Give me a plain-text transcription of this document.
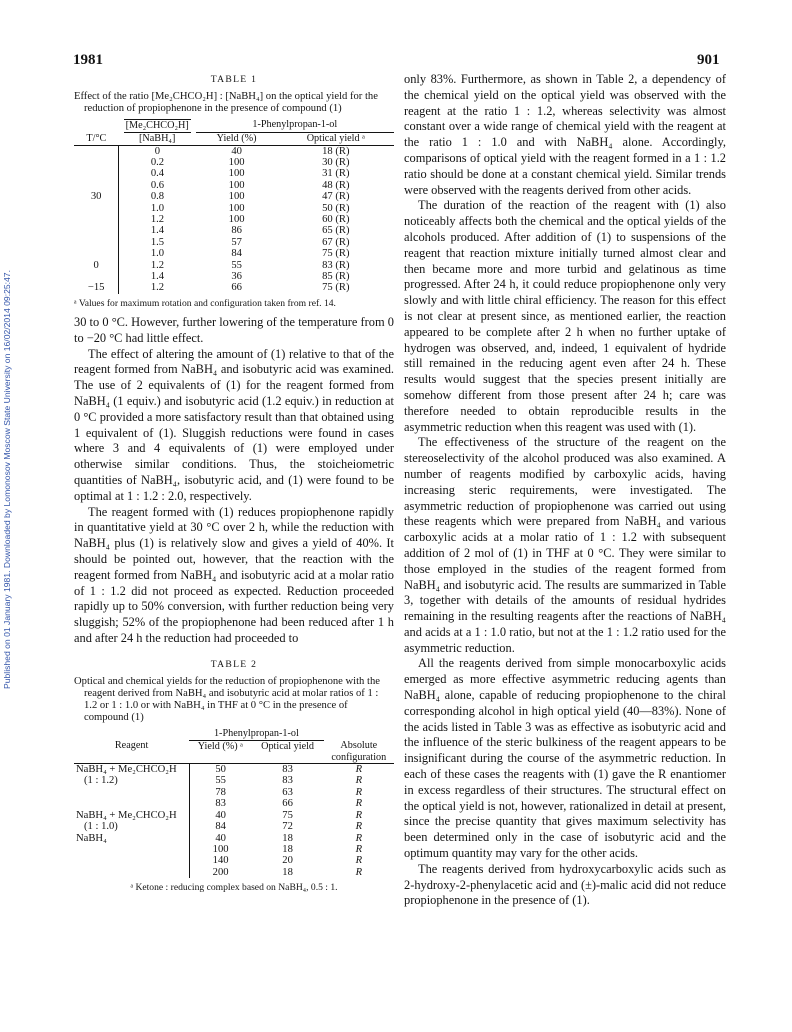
Published on 01 January 1981. Downloaded by Lomonosov Moscow State University on 16/02/2014 09:25:47.
1981	901
TABLE 1
Effect of the ratio [Me₂CHCO₂H] : [NaBH₄] on the optical yield for the reduction of propiophenone in the presence of compound (1)
	[Me₂CHCO₂H]	1-Phenylpropan-1-ol	
T/°C	[NaBH₄]	Yield (%)	Optical yield ᵃ
	0	40	18 (R)
	0.2	100	30 (R)
	0.4	100	31 (R)
	0.6	100	48 (R)
30	0.8	100	47 (R)
	1.0	100	50 (R)
	1.2	100	60 (R)
	1.4	86	65 (R)
	1.5	57	67 (R)
	1.0	84	75 (R)
0	1.2	55	83 (R)
	1.4	36	85 (R)
−15	1.2	66	75 (R)
ᵃ Values for maximum rotation and configuration taken from ref. 14.

30 to 0 °C. However, further lowering of the temperature from 0 to −20 °C had little effect.

The effect of altering the amount of (1) relative to that of the reagent formed from NaBH₄ and isobutyric acid was examined. The use of 2 equivalents of (1) for the reagent formed from NaBH₄ (1 equiv.) and isobutyric acid (1.2 equiv.) in reduction at 0 °C provided a more satisfactory result than that obtained using 1 equivalent of (1). Sluggish reductions were found in cases where 3 and 4 equivalents of (1) were employed under otherwise similar conditions. Thus, the stoicheiometric quantities of NaBH₄, isobutyric acid, and (1) were found to be optimal at 1 : 1.2 : 2.0, respectively.

The reagent formed with (1) reduces propiophenone rapidly in quantitative yield at 30 °C over 2 h, while the reduction with NaBH₄ plus (1) is relatively slow and gives a yield of 40%. It should be pointed out, however, that the reaction with the reagent formed from NaBH₄ and isobutyric acid at a molar ratio of 1 : 1.2 did not proceed as expected. Reduction proceeded rapidly up to 50% conversion, with further reduction being very sluggish; 52% of the propiophenone had been reduced after 1 h and after 24 h the reduction had proceeded to

TABLE 2
Optical and chemical yields for the reduction of propiophenone with the reagent derived from NaBH₄ and isobutyric acid at molar ratios of 1 : 1.2 or 1 : 1.0 or with NaBH₄ in THF at 0 °C in the presence of compound (1)
	1-Phenylpropan-1-ol		
Reagent	Yield (%) ᵃ	Optical yield	Absolute configuration
NaBH₄ + Me₂CHCO₂H	50	83	R
(1 : 1.2)	55	83	R
	78	63	R
	83	66	R
NaBH₄ + Me₂CHCO₂H	40	75	R
(1 : 1.0)	84	72	R
NaBH₄	40	18	R
	100	18	R
	140	20	R
	200	18	R
ᵃ Ketone : reducing complex based on NaBH₄, 0.5 : 1.

only 83%. Furthermore, as shown in Table 2, a dependency of the chemical yield on the optical yield was observed with the reagent at the ratio 1 : 1.2, whereas selectivity was almost constant over a wide range of chemical yield with the reagent at the ratio 1 : 1.0 and with NaBH₄ alone. Accordingly, comparisons of optical yield with the reagent formed in a 1 : 1.2 ratio should be done at a constant chemical yield. Similar trends were observed with the reagents derived from other acids.

The duration of the reaction of the reagent with (1) also noticeably affects both the chemical and the optical yields of the alcohols produced. After addition of (1) to suspensions of the reagent that reaction mixture initially turned almost clear and then became more and more turbid and gelatinous as time progressed. After 24 h, it could reduce propiophenone only very slowly and with little chiral efficiency. The reason for this effect is not clear at present since, as mentioned earlier, the reaction appeared to be complete after 2 h when no further uptake of hydrogen was observed, and, indeed, 1 equivalent of hydride still remained in the reducing agent even after 24 h. These results would suggest that the species present initially are somehow different from those present after 24 h; care was therefore needed to obtain reproducible results in the asymmetric reduction when this reagent was used with (1).

The effectiveness of the structure of the reagent on the stereoselectivity of the alcohol produced was also examined. A number of reagents modified by carboxylic acids, having increasing steric requirements, were investigated. The asymmetric reduction of propiophenone was carried out using these reagents which were prepared from NaBH₄ and various carboxylic acids at a molar ratio of 1 : 1.2 with subsequent addition of 2 mol of (1) in THF at 0 °C. They were similar to those employed in the studies of the reagent formed from NaBH₄ and isobutyric acid. The results are summarized in Table 3, together with details of the amounts of residual hydrides remaining in the resulting reagents after the reactions of NaBH₄ and acids at a 1 : 1.0 ratio, but not at the 1 : 1.2 ratio used for the asymmetric reduction.

All the reagents derived from simple monocarboxylic acids emerged as more effective asymmetric reducing agents than NaBH₄ alone, capable of reducing propiophenone to the chiral corresponding alcohol in high optical yield (40—83%). None of the acids listed in Table 3 was as effective as isobutyric acid and the influence of the steric bulkiness of the reagent appears to be insignificant during the course of the asymmetric reduction. In each of these cases the reagents with (1) gave the R enantiomer in excess regardless of their structures. The structural effect on the optical yield is not, however, rationalized in detail at present, since the precise quantity that gives maximum selectivity has been determined only in the case of isobutyric acid and the optimum quantity may vary for the other acids.

The reagents derived from hydroxycarboxylic acids such as 2-hydroxy-2-phenylacetic acid and (±)-malic acid did not reduce propiophenone in the presence of (1).
